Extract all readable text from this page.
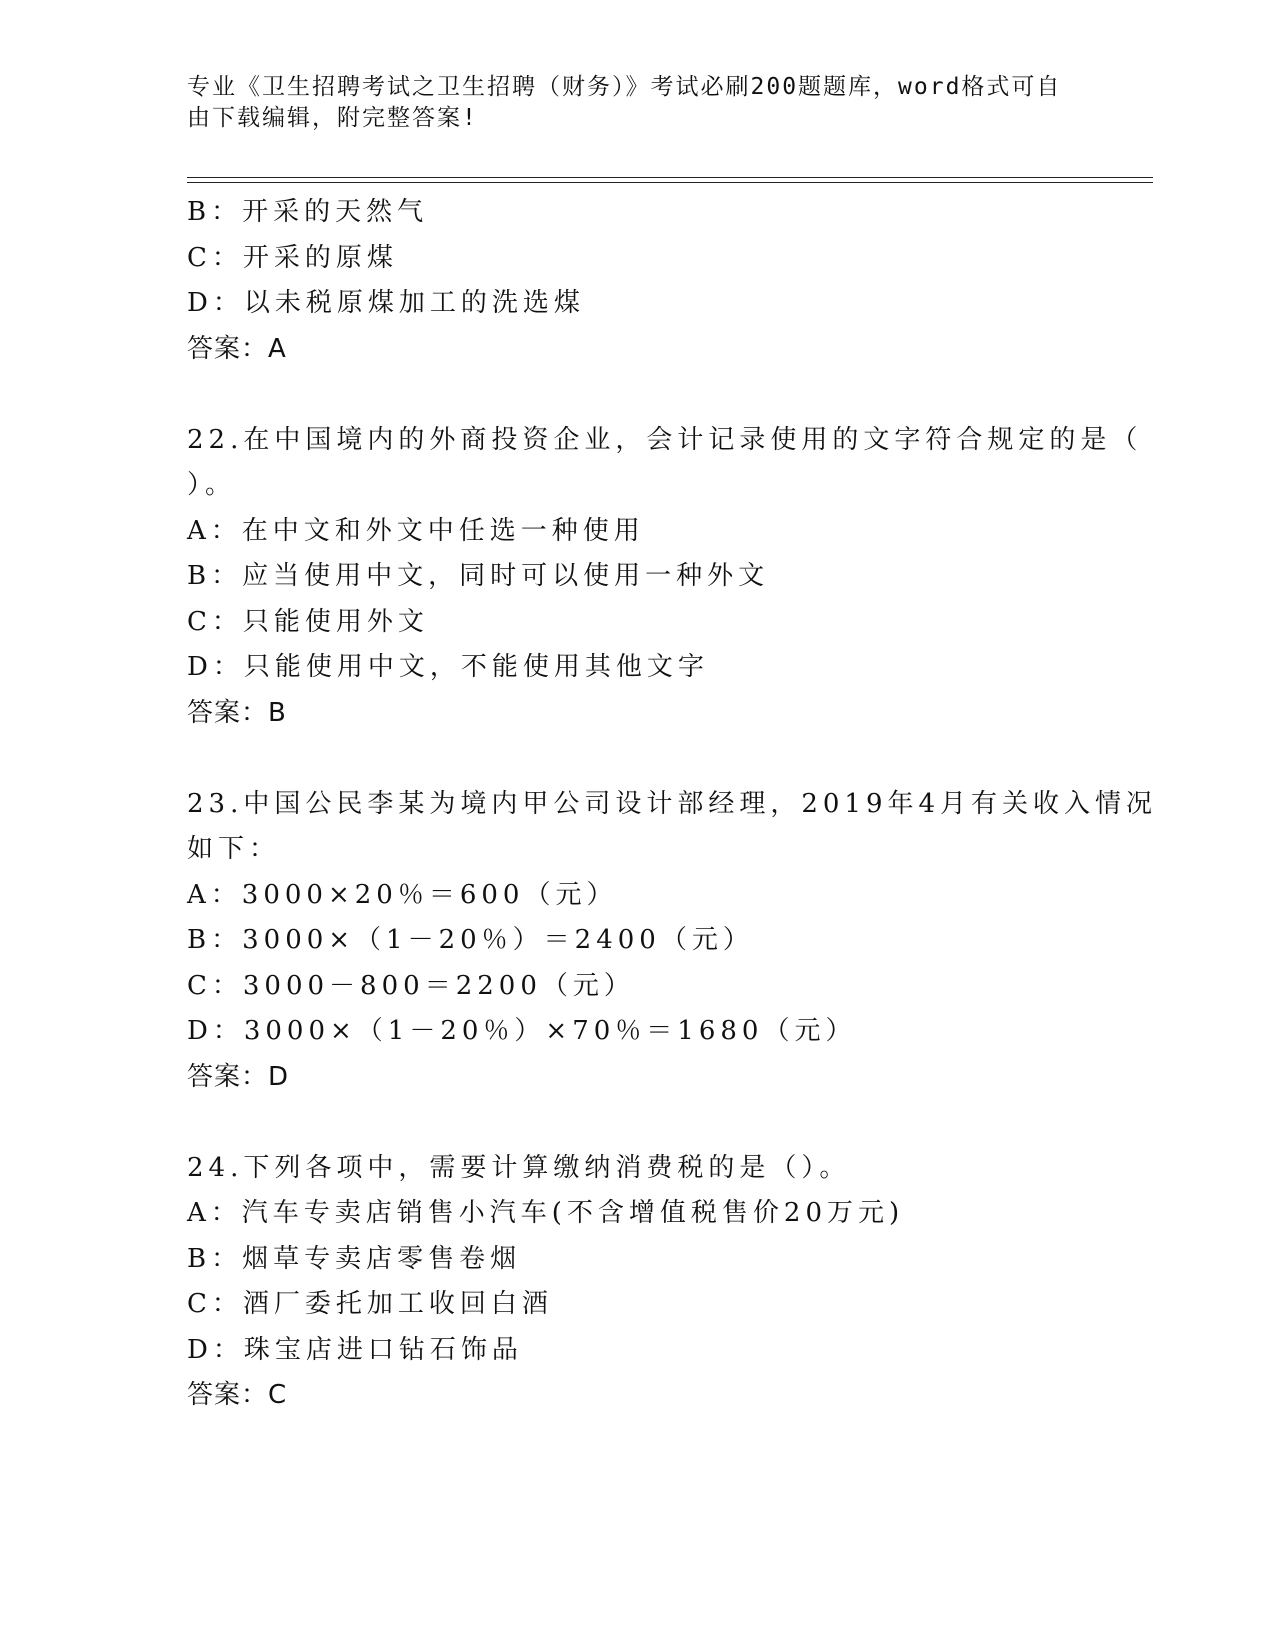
专业《卫生招聘考试之卫生招聘（财务）》考试必刷200题题库，word格式可自
由下载编辑，附完整答案!
B：开采的天然气
C：开采的原煤
D：以未税原煤加工的洗选煤
答案：A
22.在中国境内的外商投资企业，会计记录使用的文字符合规定的是（
）。
A：在中文和外文中任选一种使用
B：应当使用中文，同时可以使用一种外文
C：只能使用外文
D：只能使用中文，不能使用其他文字
答案：B
23.中国公民李某为境内甲公司设计部经理，2019年4月有关收入情况
如下：
A：3000×20％＝600（元）
B：3000×（1－20％）＝2400（元）
C：3000－800＝2200（元）
D：3000×（1－20％）×70％＝1680（元）
答案：D
24.下列各项中，需要计算缴纳消费税的是（）。
A：汽车专卖店销售小汽车(不含增值税售价20万元)
B：烟草专卖店零售卷烟
C：酒厂委托加工收回白酒
D：珠宝店进口钻石饰品
答案：C
